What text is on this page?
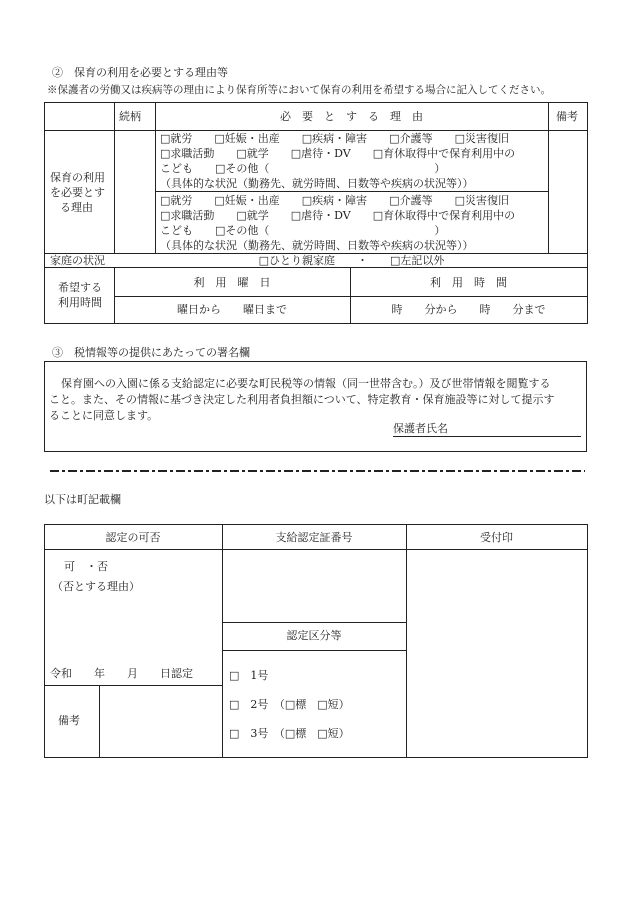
②　保育の利用を必要とする理由等
※保護者の労働又は疾病等の理由により保育所等において保育の利用を希望する場合に記入してください。
続柄	必　要　と　す　る　理　由	備考
保育の利用
を必要とす
る理由
□就労　　□妊娠・出産　　□疾病・障害　　□介護等　　□災害復旧
□求職活動　　□就学　　□虐待・DV　　□育休取得中で保育利用中の
こども　　□その他（　　　　　　　　　　　　　　　）
（具体的な状況（勤務先、就労時間、日数等や疾病の状況等））
□就労　　□妊娠・出産　　□疾病・障害　　□介護等　　□災害復旧
□求職活動　　□就学　　□虐待・DV　　□育休取得中で保育利用中の
こども　　□その他（　　　　　　　　　　　　　　　）
（具体的な状況（勤務先、就労時間、日数等や疾病の状況等））
家庭の状況	□ひとり親家庭　　・　　□左記以外
希望する
利用時間
利　用　曜　日	利　用　時　間
曜日から　　曜日まで	時　　分から　　時　　分まで
③　税情報等の提供にあたっての署名欄
保育園への入園に係る支給認定に必要な町民税等の情報（同一世帯含む。）及び世帯情報を閲覧する
こと。また、その情報に基づき決定した利用者負担額について、特定教育・保育施設等に対して提示す
ることに同意します。
保護者氏名
以下は町記載欄
認定の可否	支給認定証番号	受付印
可　・否
（否とする理由）
令和　　年　　月　　日認定
認定区分等
□　1号
□　2号　（□標　□短）
□　3号　（□標　□短）
備考
